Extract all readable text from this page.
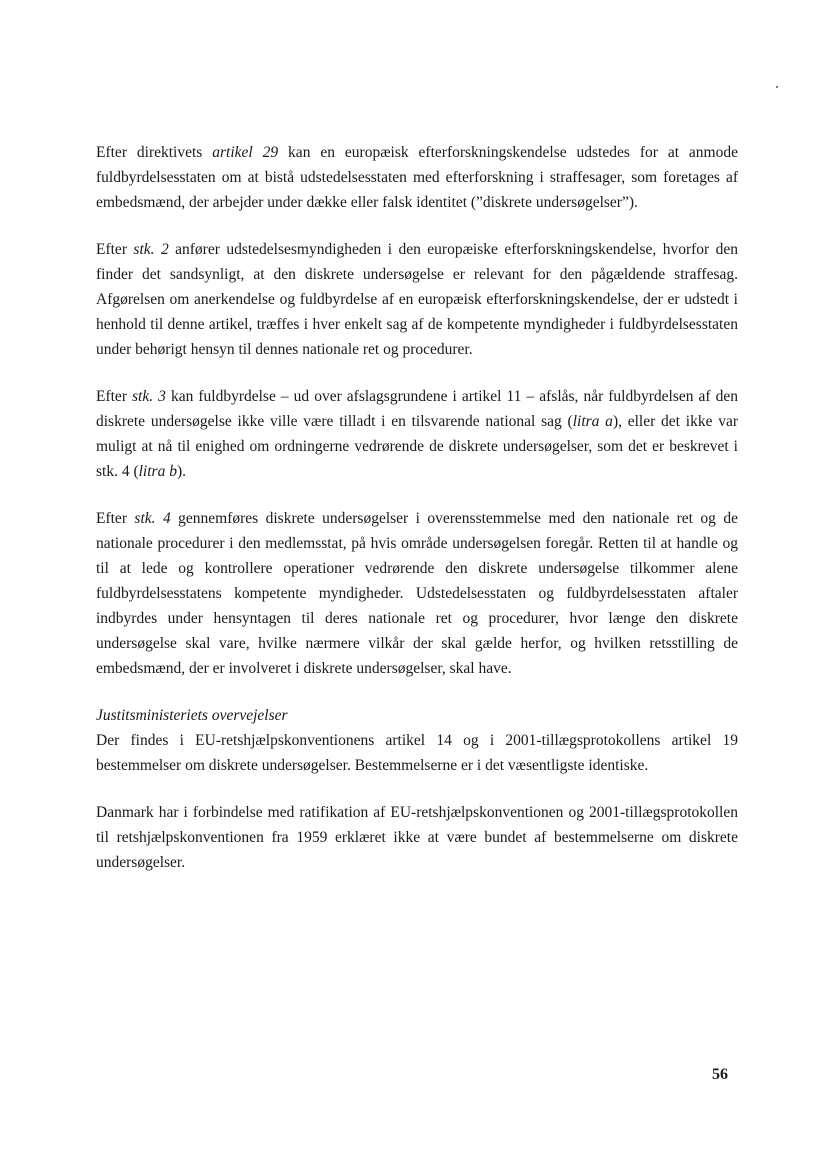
Efter direktivets artikel 29 kan en europæisk efterforskningskendelse udstedes for at anmode fuldbyrdelsesstaten om at bistå udstedelsesstaten med efterforskning i straffesager, som foretages af embedsmænd, der arbejder under dække eller falsk identitet (”diskrete undersøgelser”).

Efter stk. 2 anfører udstedelsesmyndigheden i den europæiske efterforskningskendelse, hvorfor den finder det sandsynligt, at den diskrete undersøgelse er relevant for den pågældende straffesag. Afgørelsen om anerkendelse og fuldbyrdelse af en europæisk efterforskningskendelse, der er udstedt i henhold til denne artikel, træffes i hver enkelt sag af de kompetente myndigheder i fuldbyrdelsesstaten under behørigt hensyn til dennes nationale ret og procedurer.

Efter stk. 3 kan fuldbyrdelse – ud over afslagsgrundene i artikel 11 – afslås, når fuldbyrdelsen af den diskrete undersøgelse ikke ville være tilladt i en tilsvarende national sag (litra a), eller det ikke var muligt at nå til enighed om ordningerne vedrørende de diskrete undersøgelser, som det er beskrevet i stk. 4 (litra b).

Efter stk. 4 gennemføres diskrete undersøgelser i overensstemmelse med den nationale ret og de nationale procedurer i den medlemsstat, på hvis område undersøgelsen foregår. Retten til at handle og til at lede og kontrollere operationer vedrørende den diskrete undersøgelse tilkommer alene fuldbyrdelsesstatens kompetente myndigheder. Udstedelsesstaten og fuldbyrdelsesstaten aftaler indbyrdes under hensyntagen til deres nationale ret og procedurer, hvor længe den diskrete undersøgelse skal vare, hvilke nærmere vilkår der skal gælde herfor, og hvilken retsstilling de embedsmænd, der er involveret i diskrete undersøgelser, skal have.

Justitsministeriets overvejelser

Der findes i EU-retshjælpskonventionens artikel 14 og i 2001-tillægsprotokollens artikel 19 bestemmelser om diskrete undersøgelser. Bestemmelserne er i det væsentligste identiske.

Danmark har i forbindelse med ratifikation af EU-retshjælpskonventionen og 2001-tillægsprotokollen til retshjælpskonventionen fra 1959 erklæret ikke at være bundet af bestemmelserne om diskrete undersøgelser.

56
